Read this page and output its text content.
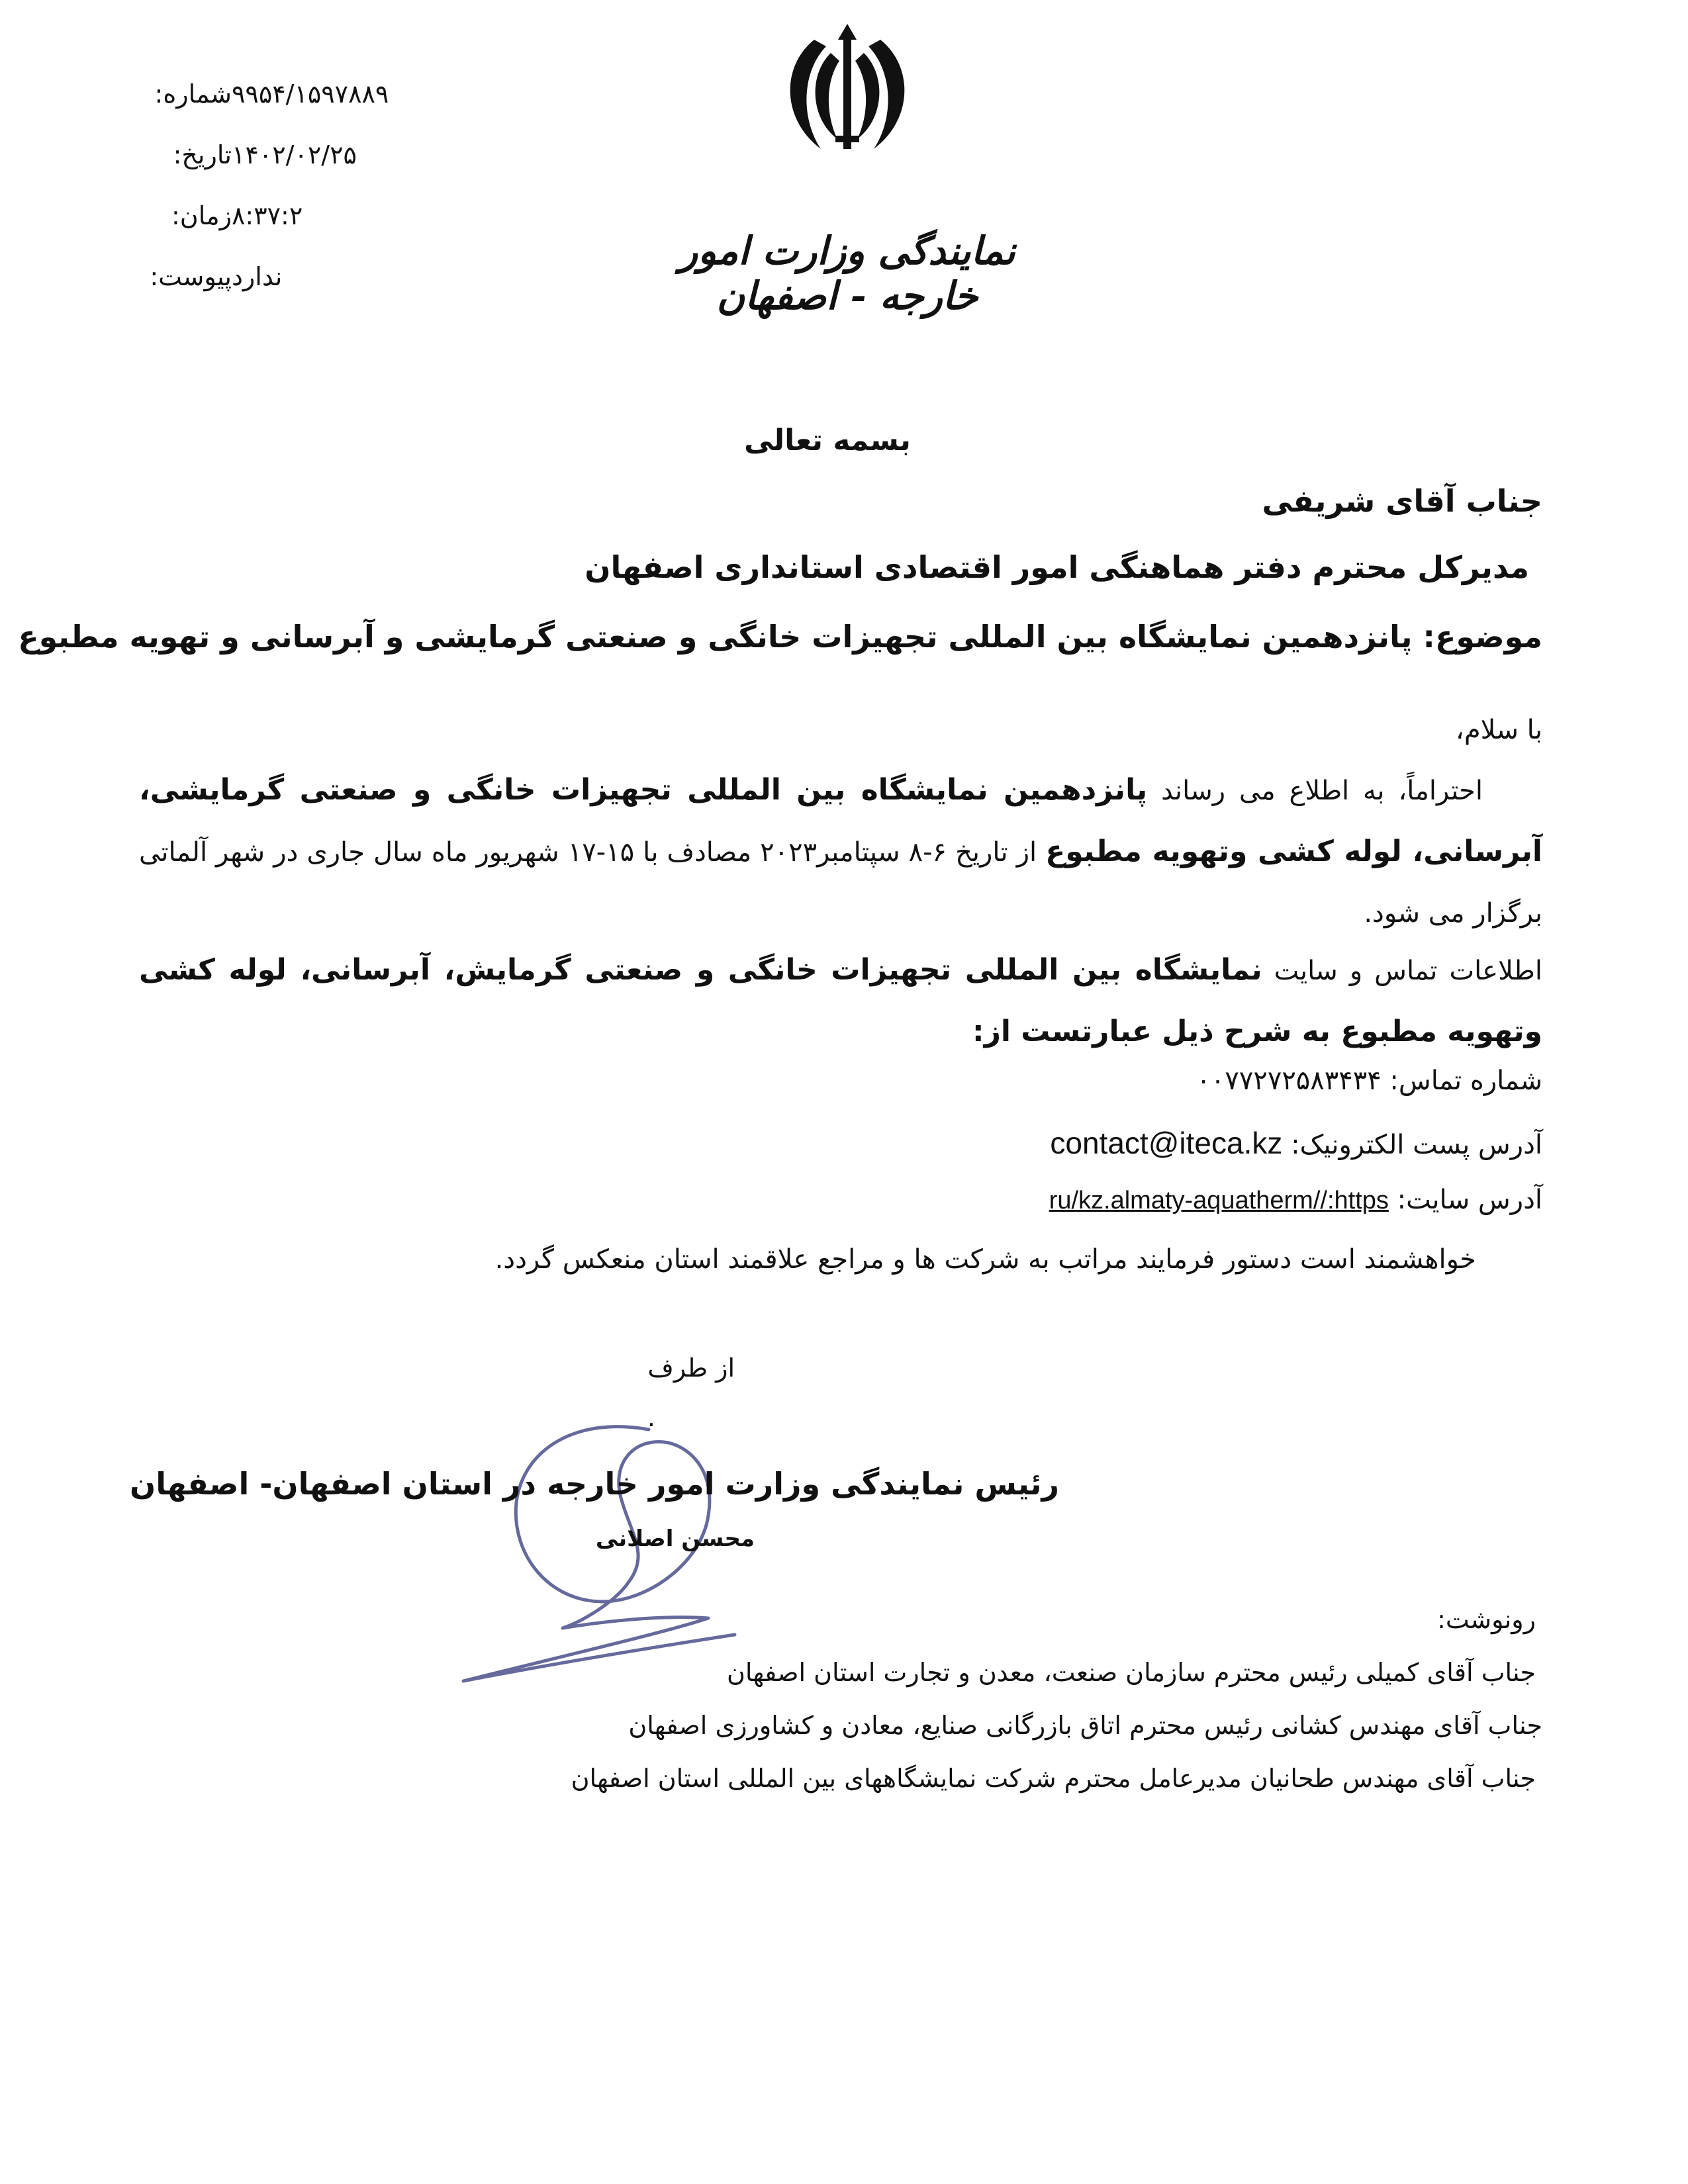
شماره: ۹۹۵۴/۱۵۹۷۸۸۹
تاریخ: ۱۴۰۲/۰۲/۲۵
زمان: ۸:۳۷:۲
پیوست: ندارد
نمایندگی وزارت امور خارجه - اصفهان
بسمه تعالی
جناب آقای شریفی
مدیرکل محترم دفتر هماهنگی امور اقتصادی استانداری اصفهان
موضوع: پانزدهمین نمایشگاه بین المللی تجهیزات خانگی و صنعتی گرمایشی و آبرسانی و تهویه مطبوع
با سلام،
احتراماً، به اطلاع می رساند پانزدهمین نمایشگاه بین المللی تجهیزات خانگی و صنعتی گرمایشی، آبرسانی، لوله کشی وتهویه مطبوع از تاریخ ۶-۸ سپتامبر۲۰۲۳ مصادف با ۱۵-۱۷ شهریور ماه سال جاری در شهر آلماتی برگزار می شود.
اطلاعات تماس و سایت نمایشگاه بین المللی تجهیزات خانگی و صنعتی گرمایش، آبرسانی، لوله کشی وتهویه مطبوع به شرح ذیل عبارتست از:
شماره تماس: ۰۰۷۷۲۷۲۵۸۳۴۳۴
آدرس پست الکترونیک: contact@iteca.kz
آدرس سایت: ru/kz.almaty-aquatherm//:https
خواهشمند است دستور فرمایند مراتب به شرکت ها و مراجع علاقمند استان منعکس گردد.
از طرف
.
رئیس نمایندگی وزارت امور خارجه در استان اصفهان- اصفهان
محسن اصلانی
رونوشت:
جناب آقای کمیلی رئیس محترم سازمان صنعت، معدن و تجارت استان اصفهان
جناب آقای مهندس کشانی رئیس محترم اتاق بازرگانی صنایع، معادن و کشاورزی اصفهان
جناب آقای مهندس طحانیان مدیرعامل محترم شرکت نمایشگاههای بین المللی استان اصفهان
